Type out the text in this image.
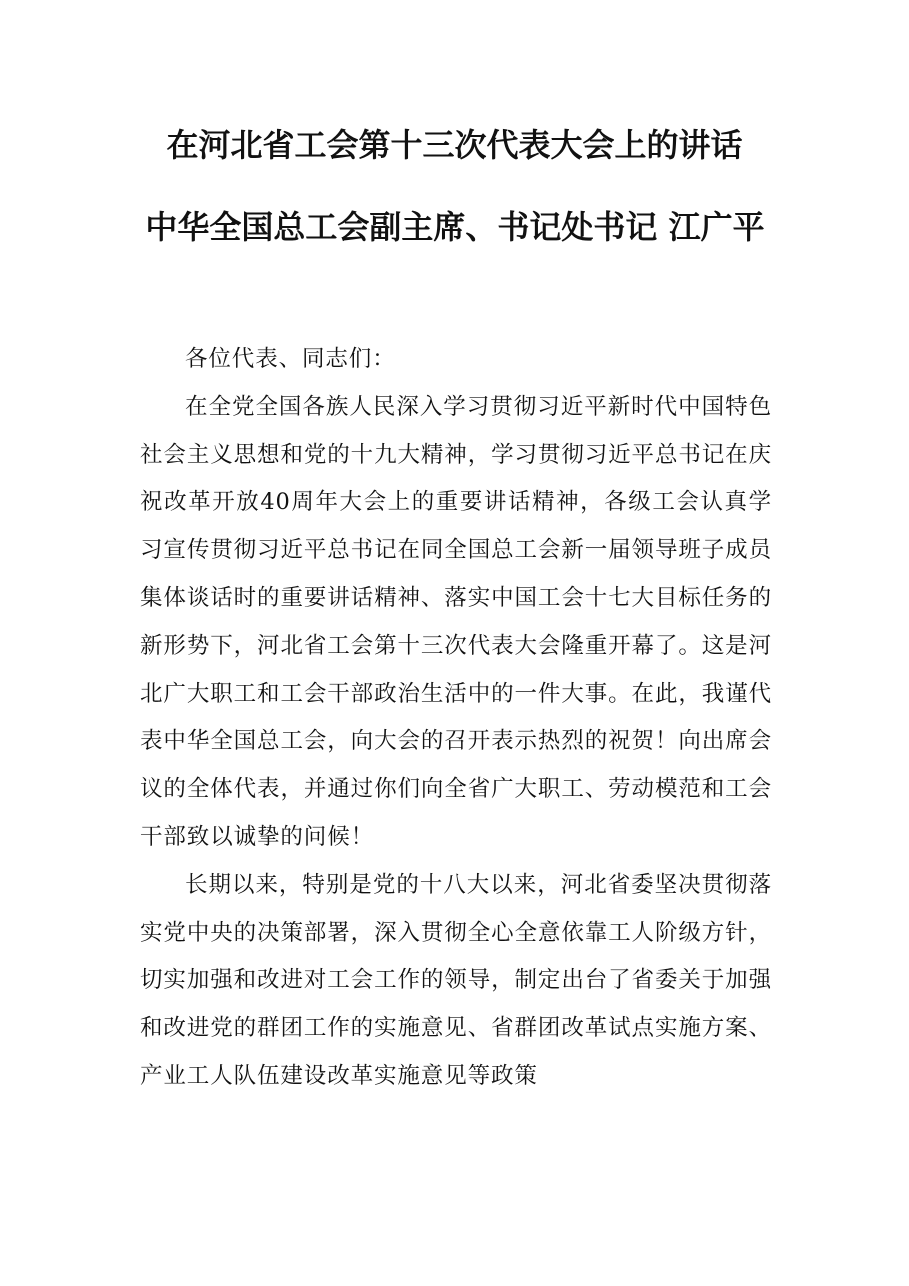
在河北省工会第十三次代表大会上的讲话
中华全国总工会副主席、书记处书记 江广平

各位代表、同志们：

在全党全国各族人民深入学习贯彻习近平新时代中国特色社会主义思想和党的十九大精神，学习贯彻习近平总书记在庆祝改革开放40周年大会上的重要讲话精神，各级工会认真学习宣传贯彻习近平总书记在同全国总工会新一届领导班子成员集体谈话时的重要讲话精神、落实中国工会十七大目标任务的新形势下，河北省工会第十三次代表大会隆重开幕了。这是河北广大职工和工会干部政治生活中的一件大事。在此，我谨代表中华全国总工会，向大会的召开表示热烈的祝贺！向出席会议的全体代表，并通过你们向全省广大职工、劳动模范和工会干部致以诚挚的问候！

长期以来，特别是党的十八大以来，河北省委坚决贯彻落实党中央的决策部署，深入贯彻全心全意依靠工人阶级方针，切实加强和改进对工会工作的领导，制定出台了省委关于加强和改进党的群团工作的实施意见、省群团改革试点实施方案、产业工人队伍建设改革实施意见等政策
